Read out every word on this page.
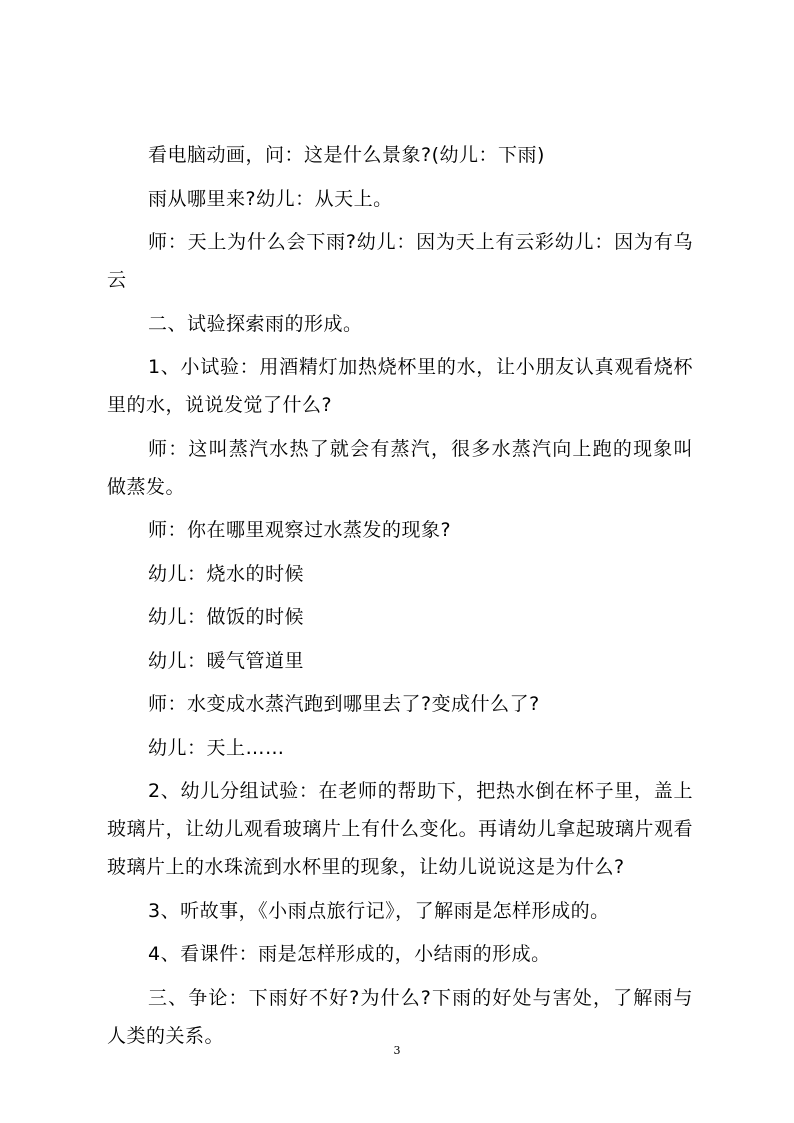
看电脑动画，问：这是什么景象?(幼儿：下雨)

雨从哪里来?幼儿：从天上。

师：天上为什么会下雨?幼儿：因为天上有云彩幼儿：因为有乌云

二、试验探索雨的形成。

1、小试验：用酒精灯加热烧杯里的水，让小朋友认真观看烧杯里的水，说说发觉了什么?

师：这叫蒸汽水热了就会有蒸汽，很多水蒸汽向上跑的现象叫做蒸发。

师：你在哪里观察过水蒸发的现象?

幼儿：烧水的时候

幼儿：做饭的时候

幼儿：暖气管道里

师：水变成水蒸汽跑到哪里去了?变成什么了?

幼儿：天上……

2、幼儿分组试验：在老师的帮助下，把热水倒在杯子里，盖上玻璃片，让幼儿观看玻璃片上有什么变化。再请幼儿拿起玻璃片观看玻璃片上的水珠流到水杯里的现象，让幼儿说说这是为什么?

3、听故事，《小雨点旅行记》，了解雨是怎样形成的。

4、看课件：雨是怎样形成的，小结雨的形成。

三、争论：下雨好不好?为什么?下雨的好处与害处，了解雨与人类的关系。

3
